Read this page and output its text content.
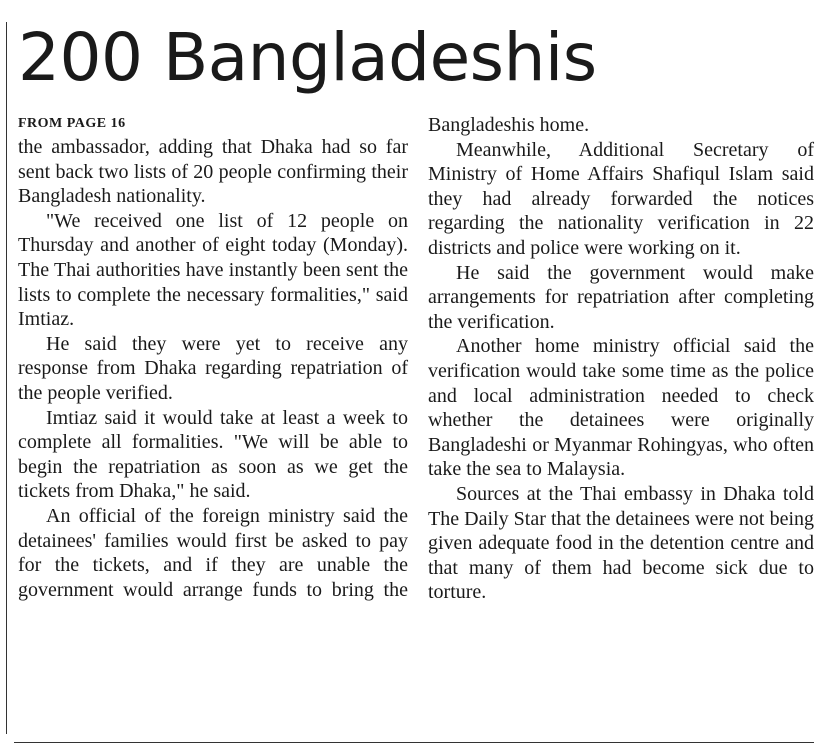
200 Bangladeshis
FROM PAGE 16

the ambassador, adding that Dhaka had so far sent back two lists of 20 people confirming their Bangladesh nationality.

"We received one list of 12 people on Thursday and another of eight today (Monday). The Thai authorities have instantly been sent the lists to complete the necessary formalities," said Imtiaz.

He said they were yet to receive any response from Dhaka regarding repatriation of the people verified.

Imtiaz said it would take at least a week to complete all formalities. "We will be able to begin the repatriation as soon as we get the tickets from Dhaka," he said.

An official of the foreign ministry said the detainees' families would first be asked to pay for the tickets, and if they are unable the government would arrange funds to bring the

Bangladeshis home.

Meanwhile, Additional Secretary of Ministry of Home Affairs Shafiqul Islam said they had already forwarded the notices regarding the nationality verification in 22 districts and police were working on it.

He said the government would make arrangements for repatriation after completing the verification.

Another home ministry official said the verification would take some time as the police and local administration needed to check whether the detainees were originally Bangladeshi or Myanmar Rohingyas, who often take the sea to Malaysia.

Sources at the Thai embassy in Dhaka told The Daily Star that the detainees were not being given adequate food in the detention centre and that many of them had become sick due to torture.
